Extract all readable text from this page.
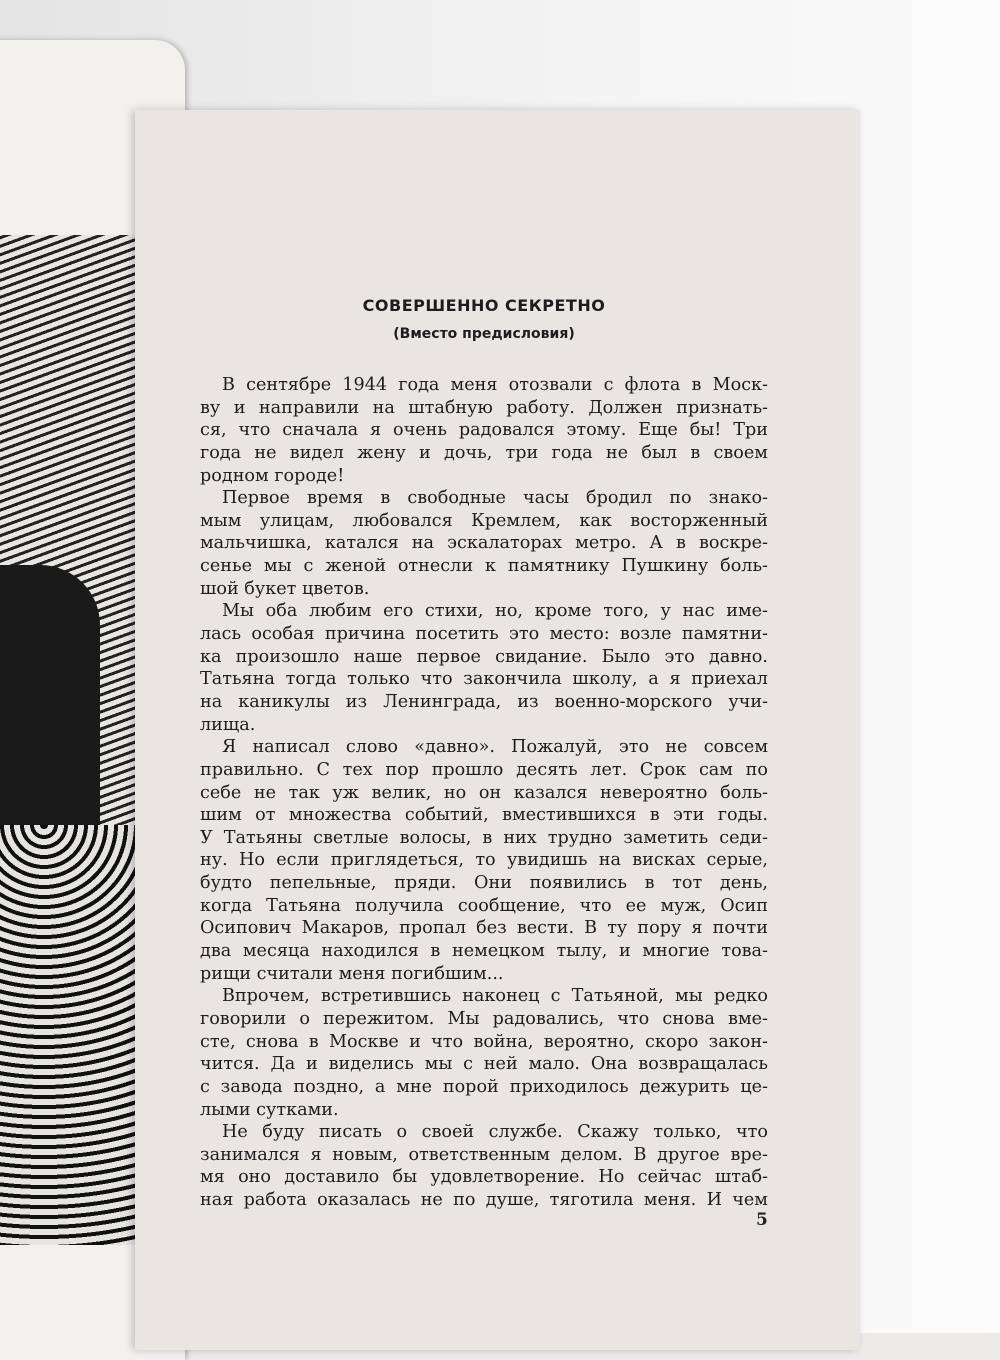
СОВЕРШЕННО СЕКРЕТНО
(Вместо предисловия)
В сентябре 1944 года меня отозвали с флота в Моск-
ву и направили на штабную работу. Должен признать-
ся, что сначала я очень радовался этому. Еще бы! Три
года не видел жену и дочь, три года не был в своем
родном городе!
Первое время в свободные часы бродил по знако-
мым улицам, любовался Кремлем, как восторженный
мальчишка, катался на эскалаторах метро. А в воскре-
сенье мы с женой отнесли к памятнику Пушкину боль-
шой букет цветов.
Мы оба любим его стихи, но, кроме того, у нас име-
лась особая причина посетить это место: возле памятни-
ка произошло наше первое свидание. Было это давно.
Татьяна тогда только что закончила школу, а я приехал
на каникулы из Ленинграда, из военно-морского учи-
лища.
Я написал слово «давно». Пожалуй, это не совсем
правильно. С тех пор прошло десять лет. Срок сам по
себе не так уж велик, но он казался невероятно боль-
шим от множества событий, вместившихся в эти годы.
У Татьяны светлые волосы, в них трудно заметить седи-
ну. Но если приглядеться, то увидишь на висках серые,
будто пепельные, пряди. Они появились в тот день,
когда Татьяна получила сообщение, что ее муж, Осип
Осипович Макаров, пропал без вести. В ту пору я почти
два месяца находился в немецком тылу, и многие това-
рищи считали меня погибшим...
Впрочем, встретившись наконец с Татьяной, мы редко
говорили о пережитом. Мы радовались, что снова вме-
сте, снова в Москве и что война, вероятно, скоро закон-
чится. Да и виделись мы с ней мало. Она возвращалась
с завода поздно, а мне порой приходилось дежурить це-
лыми сутками.
Не буду писать о своей службе. Скажу только, что
занимался я новым, ответственным делом. В другое вре-
мя оно доставило бы удовлетворение. Но сейчас штаб-
ная работа оказалась не по душе, тяготила меня. И чем
5
